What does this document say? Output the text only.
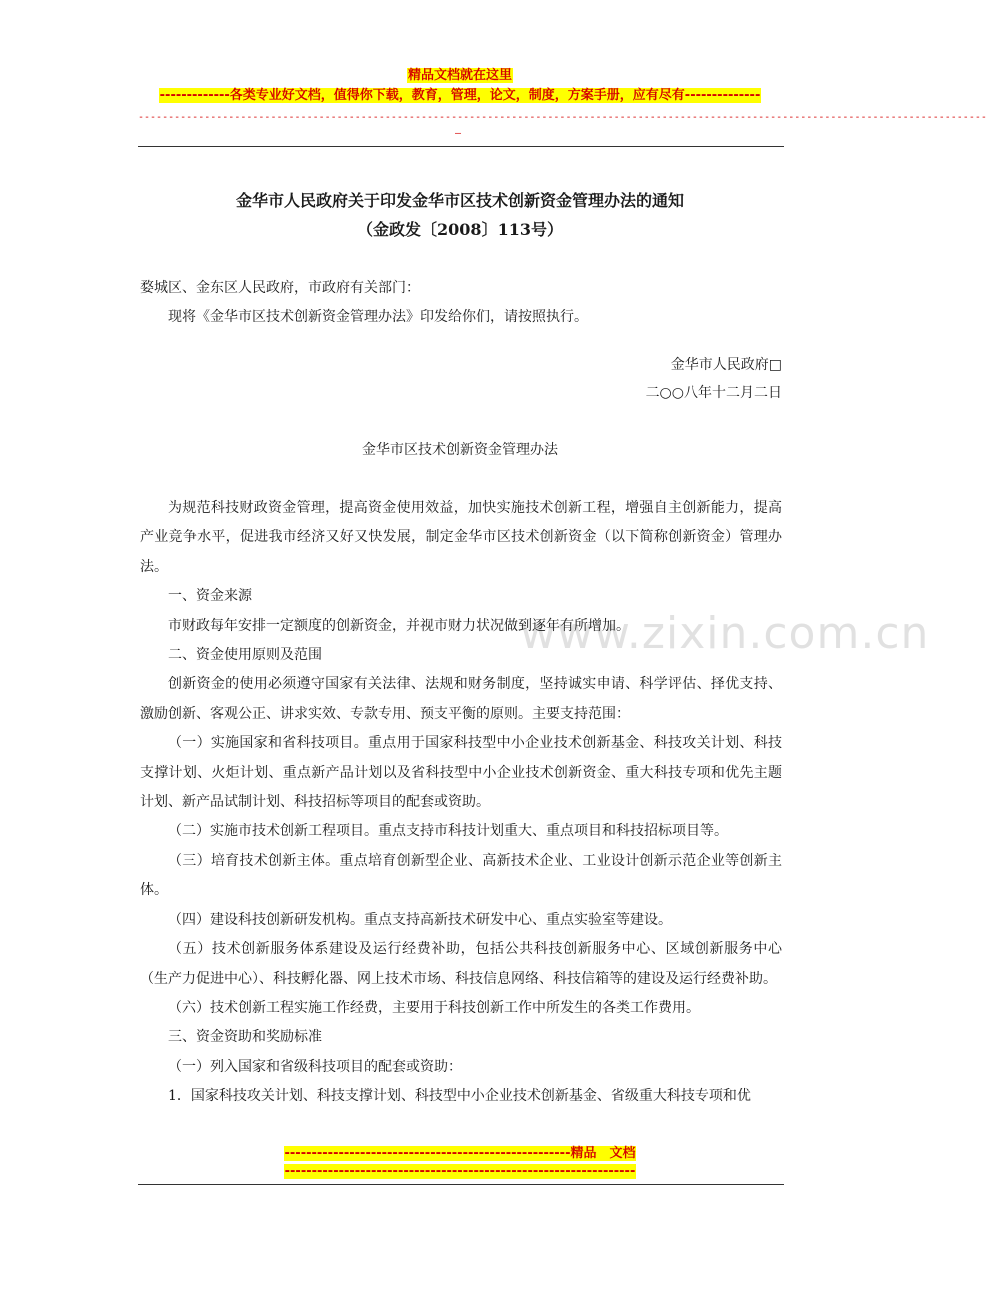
精品文档就在这里
-------------各类专业好文档，值得你下载，教育，管理，论文，制度，方案手册，应有尽有--------------
---------------------------------------------------------------------------------------------------------------------------------------------
–
金华市人民政府关于印发金华市区技术创新资金管理办法的通知
（金政发〔2008〕113号）
婺城区、金东区人民政府，市政府有关部门：
现将《金华市区技术创新资金管理办法》印发给你们，请按照执行。
金华市人民政府□
二○○八年十二月二日
金华市区技术创新资金管理办法
www.zixin.com.cn

为规范科技财政资金管理，提高资金使用效益，加快实施技术创新工程，增强自主创新能力，提高产业竞争水平，促进我市经济又好又快发展，制定金华市区技术创新资金（以下简称创新资金）管理办法。

一、资金来源

市财政每年安排一定额度的创新资金，并视市财力状况做到逐年有所增加。

二、资金使用原则及范围

创新资金的使用必须遵守国家有关法律、法规和财务制度，坚持诚实申请、科学评估、择优支持、激励创新、客观公正、讲求实效、专款专用、预支平衡的原则。主要支持范围：

（一）实施国家和省科技项目。重点用于国家科技型中小企业技术创新基金、科技攻关计划、科技支撑计划、火炬计划、重点新产品计划以及省科技型中小企业技术创新资金、重大科技专项和优先主题计划、新产品试制计划、科技招标等项目的配套或资助。

（二）实施市技术创新工程项目。重点支持市科技计划重大、重点项目和科技招标项目等。

（三）培育技术创新主体。重点培育创新型企业、高新技术企业、工业设计创新示范企业等创新主体。

（四）建设科技创新研发机构。重点支持高新技术研发中心、重点实验室等建设。

（五）技术创新服务体系建设及运行经费补助，包括公共科技创新服务中心、区域创新服务中心（生产力促进中心）、科技孵化器、网上技术市场、科技信息网络、科技信箱等的建设及运行经费补助。

（六）技术创新工程实施工作经费，主要用于科技创新工作中所发生的各类工作费用。

三、资金资助和奖励标准

（一）列入国家和省级科技项目的配套或资助：

1．国家科技攻关计划、科技支撑计划、科技型中小企业技术创新基金、省级重大科技专项和优

-----------------------------------------------------精品　文档
-----------------------------------------------------------------
